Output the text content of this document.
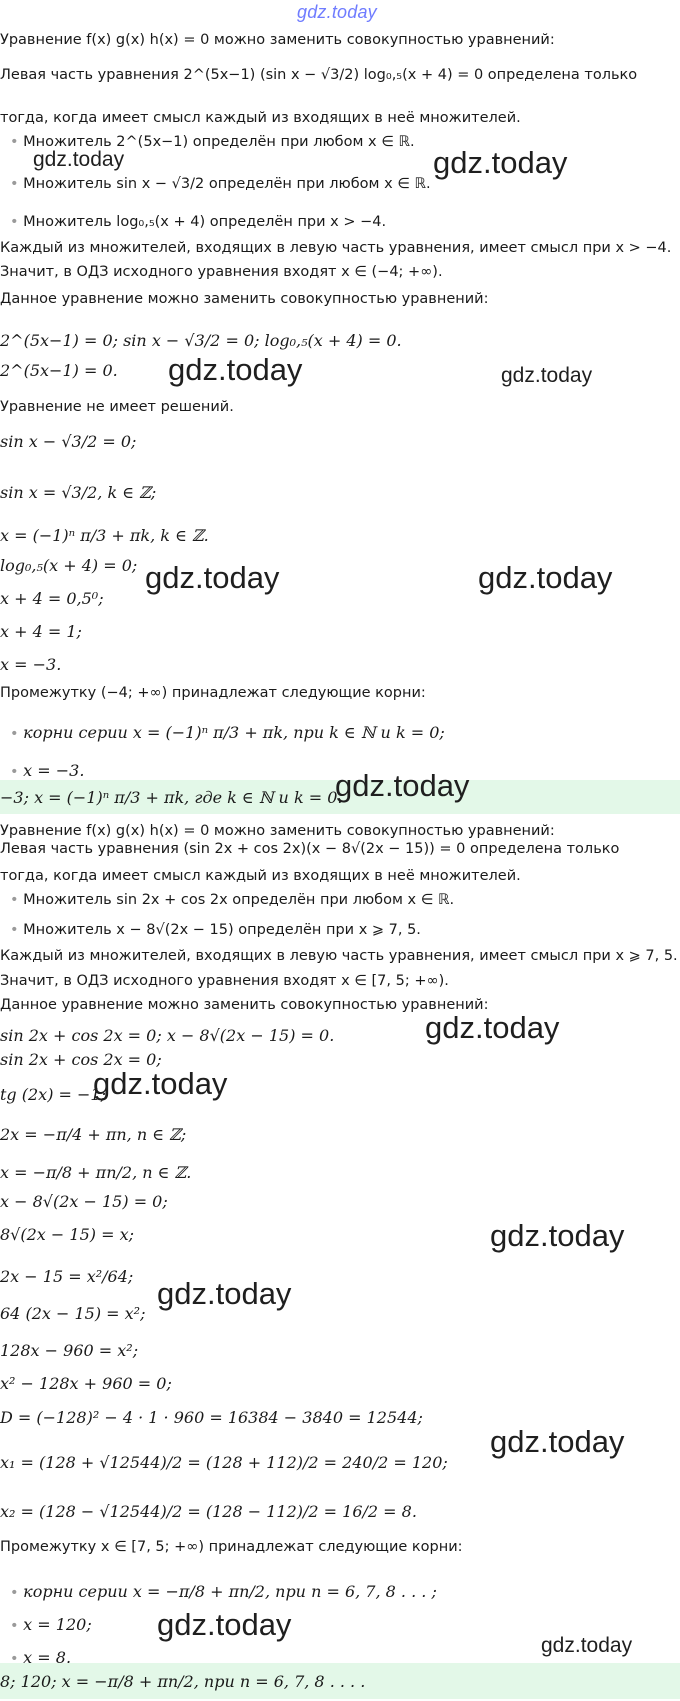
gdz.today
Уравнение f(x) g(x) h(x) = 0 можно заменить совокупностью уравнений:
Левая часть уравнения 2^(5x−1) (sin x − √3/2) log₀,₅(x + 4) = 0 определена только
тогда, когда имеет смысл каждый из входящих в неё множителей.
• Множитель 2^(5x−1) определён при любом x ∈ ℝ.
• Множитель sin x − √3/2 определён при любом x ∈ ℝ.
• Множитель log₀,₅(x + 4) определён при x > −4.
Каждый из множителей, входящих в левую часть уравнения, имеет смысл при x > −4.
Значит, в ОДЗ исходного уравнения входят x ∈ (−4; +∞).
Данное уравнение можно заменить совокупностью уравнений:
2^(5x−1) = 0; sin x − √3/2 = 0; log₀,₅(x + 4) = 0.
2^(5x−1) = 0.
Уравнение не имеет решений.
sin x − √3/2 = 0;
sin x = √3/2, k ∈ ℤ;
x = (−1)ⁿ π/3 + πk, k ∈ ℤ.
log₀,₅(x + 4) = 0;
x + 4 = 0,5⁰;
x + 4 = 1;
x = −3.
Промежутку (−4; +∞) принадлежат следующие корни:
• корни серии x = (−1)ⁿ π/3 + πk, при k ∈ ℕ и k = 0;
• x = −3.
−3; x = (−1)ⁿ π/3 + πk, где k ∈ ℕ и k = 0.
Уравнение f(x) g(x) h(x) = 0 можно заменить совокупностью уравнений:
Левая часть уравнения (sin 2x + cos 2x)(x − 8√(2x − 15)) = 0 определена только
тогда, когда имеет смысл каждый из входящих в неё множителей.
• Множитель sin 2x + cos 2x определён при любом x ∈ ℝ.
• Множитель x − 8√(2x − 15) определён при x ⩾ 7, 5.
Каждый из множителей, входящих в левую часть уравнения, имеет смысл при x ⩾ 7, 5.
Значит, в ОДЗ исходного уравнения входят x ∈ [7, 5; +∞).
Данное уравнение можно заменить совокупностью уравнений:
sin 2x + cos 2x = 0; x − 8√(2x − 15) = 0.
sin 2x + cos 2x = 0;
tg (2x) = −1;
2x = −π/4 + πn, n ∈ ℤ;
x = −π/8 + πn/2, n ∈ ℤ.
x − 8√(2x − 15) = 0;
8√(2x − 15) = x;
2x − 15 = x²/64;
64 (2x − 15) = x²;
128x − 960 = x²;
x² − 128x + 960 = 0;
D = (−128)² − 4 · 1 · 960 = 16384 − 3840 = 12544;
x₁ = (128 + √12544)/2 = (128 + 112)/2 = 240/2 = 120;
x₂ = (128 − √12544)/2 = (128 − 112)/2 = 16/2 = 8.
Промежутку x ∈ [7, 5; +∞) принадлежат следующие корни:
• корни серии x = −π/8 + πn/2, при n = 6, 7, 8 . . . ;
• x = 120;
• x = 8.
8; 120; x = −π/8 + πn/2, при n = 6, 7, 8 . . . .
gdz.today	gdz.today
gdz.today	gdz.today
gdz.today	gdz.today
gdz.today
gdz.today
gdz.today
gdz.today
gdz.today
gdz.today
gdz.today
gdz.today
